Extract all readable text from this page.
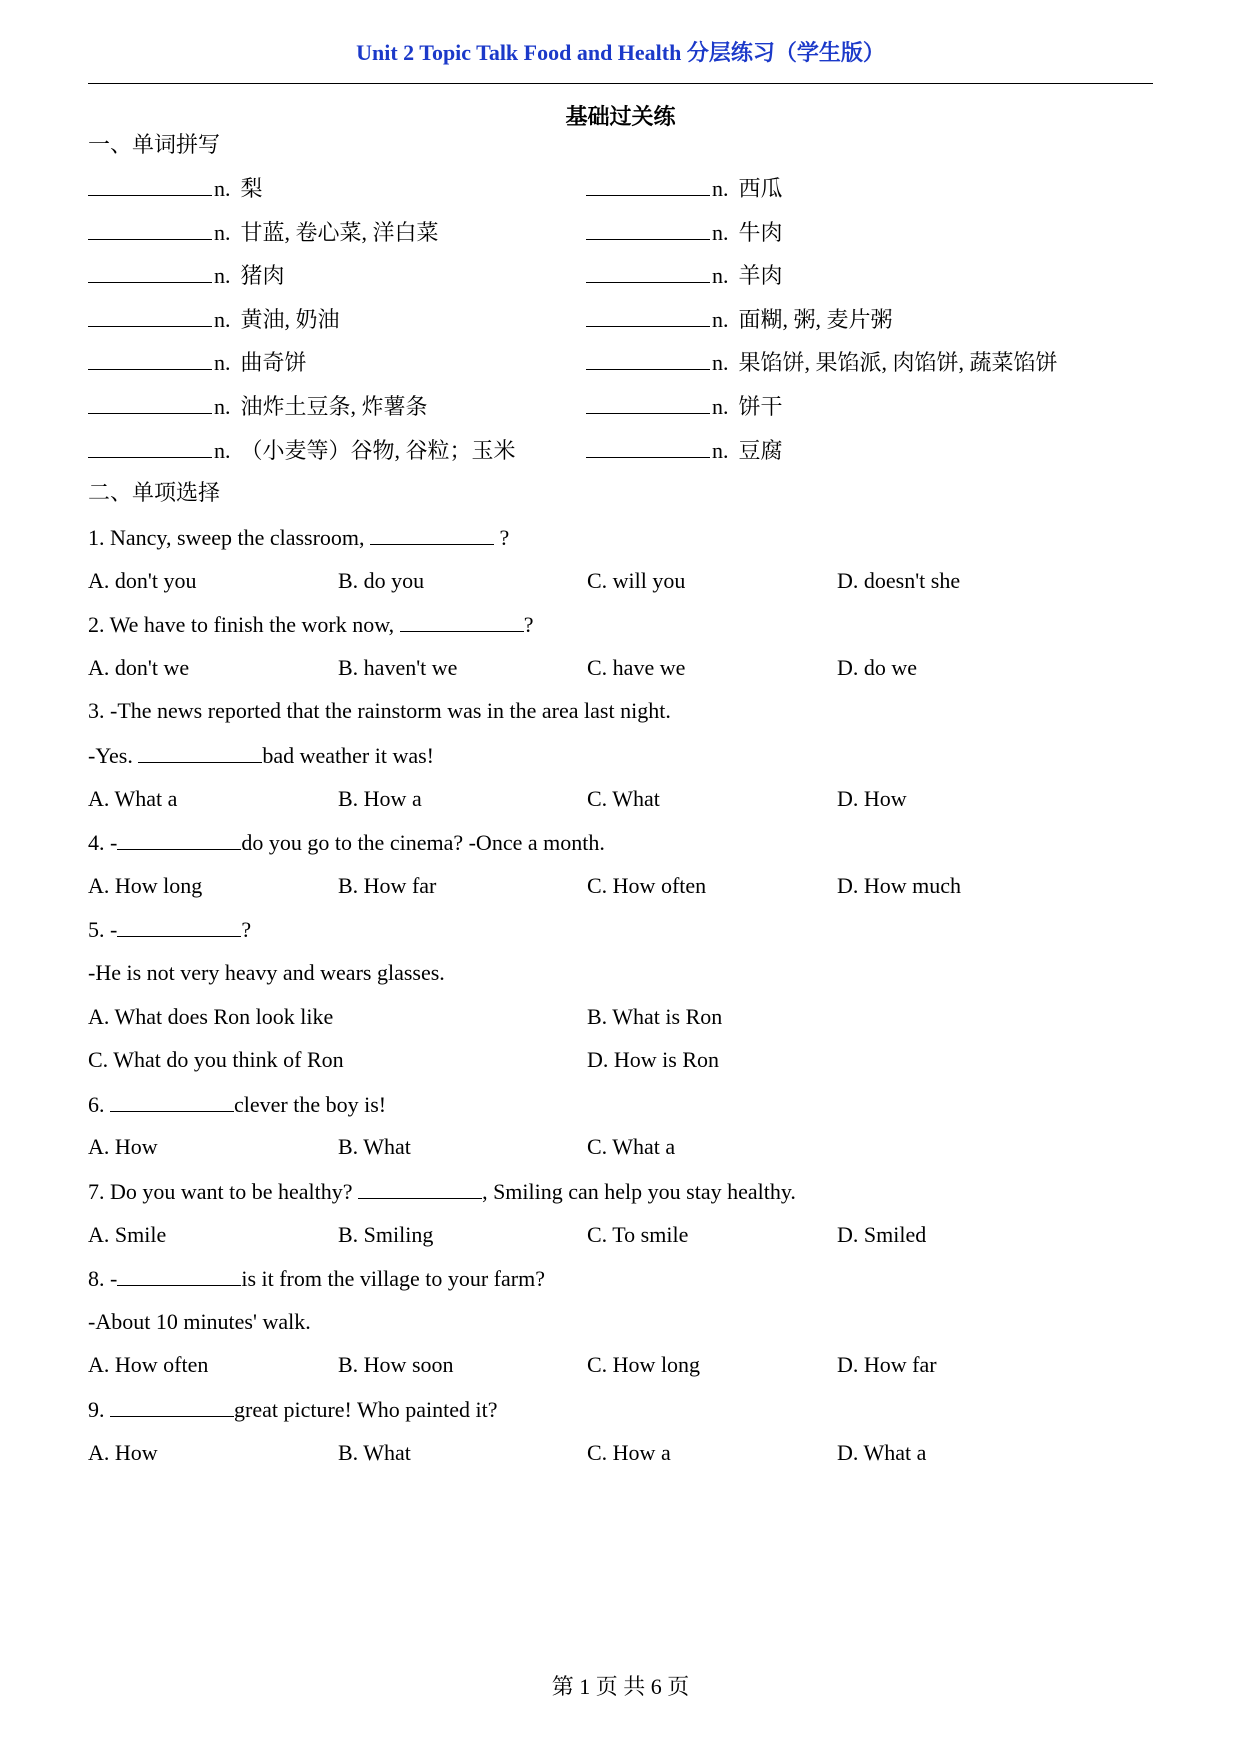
Unit 2 Topic Talk Food and Health 分层练习（学生版）
基础过关练
一、单词拼写
n. 梨	n. 西瓜
n. 甘蓝, 卷心菜, 洋白菜	n. 牛肉
n. 猪肉	n. 羊肉
n. 黄油, 奶油	n. 面糊, 粥, 麦片粥
n. 曲奇饼	n. 果馅饼, 果馅派, 肉馅饼, 蔬菜馅饼
n. 油炸土豆条, 炸薯条	n. 饼干
n. （小麦等）谷物, 谷粒；玉米	n. 豆腐
二、单项选择
1. Nancy, sweep the classroom,	?
A. don't you	B. do you	C. will you	D. doesn't she
2. We have to finish the work now,	?
A. don't we	B. haven't we	C. have we	D. do we
3. -The news reported that the rainstorm was in the area last night.
-Yes.	bad weather it was!
A. What a	B. How a	C. What	D. How
4. -	do you go to the cinema? -Once a month.
A. How long	B. How far	C. How often	D. How much
5. -	?
-He is not very heavy and wears glasses.
A. What does Ron look like	B. What is Ron
C. What do you think of Ron	D. How is Ron
6.	clever the boy is!
A. How	B. What	C. What a
7. Do you want to be healthy?	, Smiling can help you stay healthy.
A. Smile	B. Smiling	C. To smile	D. Smiled
8. -	is it from the village to your farm?
-About 10 minutes' walk.
A. How often	B. How soon	C. How long	D. How far
9.	great picture! Who painted it?
A. How	B. What	C. How a	D. What a
第 1 页 共 6 页
